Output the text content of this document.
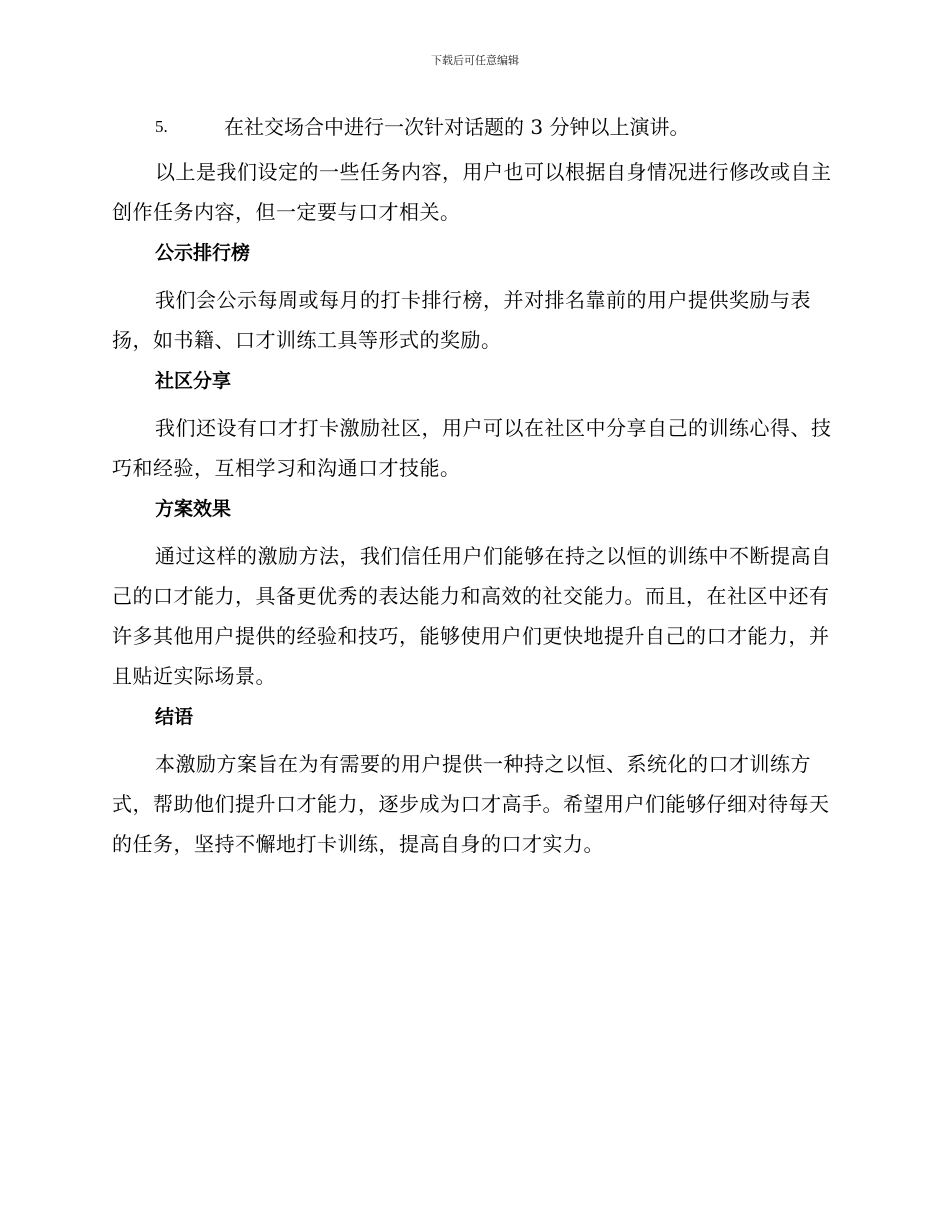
下载后可任意编辑
5.	在社交场合中进行一次针对话题的 3 分钟以上演讲。

以上是我们设定的一些任务内容，用户也可以根据自身情况进行修改或自主创作任务内容，但一定要与口才相关。

公示排行榜

我们会公示每周或每月的打卡排行榜，并对排名靠前的用户提供奖励与表扬，如书籍、口才训练工具等形式的奖励。

社区分享

我们还设有口才打卡激励社区，用户可以在社区中分享自己的训练心得、技巧和经验，互相学习和沟通口才技能。

方案效果

通过这样的激励方法，我们信任用户们能够在持之以恒的训练中不断提高自己的口才能力，具备更优秀的表达能力和高效的社交能力。而且，在社区中还有许多其他用户提供的经验和技巧，能够使用户们更快地提升自己的口才能力，并且贴近实际场景。

结语

本激励方案旨在为有需要的用户提供一种持之以恒、系统化的口才训练方式，帮助他们提升口才能力，逐步成为口才高手。希望用户们能够仔细对待每天的任务，坚持不懈地打卡训练，提高自身的口才实力。
